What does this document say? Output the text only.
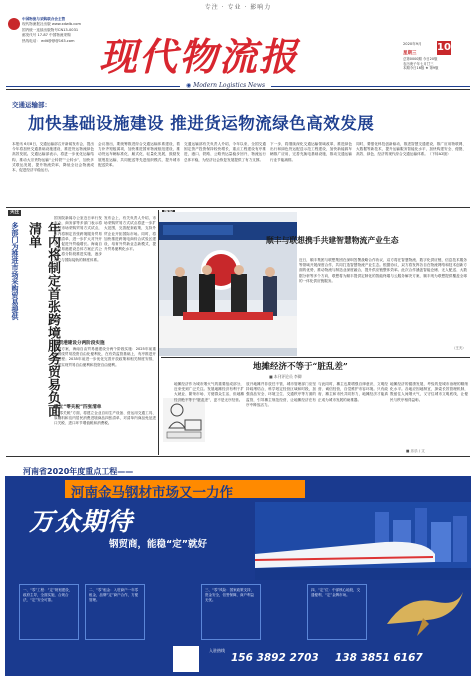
专注 · 专业 · 影响力
中国物流与采购联合会主管
现代物流报社出版 www.xdwlb.com
国内统一连续出版物号CN13-0031
邮发代号 17-87 中国物流采购
热线电话： edit@@@163.com 现代物流报	2020年9月	10
星期三
总第0000期 今日20版
农历庚子年七月廿三
本期今日16版 ★ 第9版
◉ Modern Logistics News
交通运输部：
加快基础设施建设 推进货运物流绿色高效发展
本报讯 6月8日，交通运输部召开新闻发布会，提出今年将加快交通基础设施建设，推进货运物流绿色高效发展。交通运输部表示，将进一步优化运输结构，推动大宗货物运输“公转铁”“公转水”，加快多式联运发展，提升物流效率，降低全社会物流成本，促进经济平稳运行。
会议指出，要统筹推进综合交通运输体系建设，着力补齐短板弱项，加快推进国家物流枢纽建设，推动货运车辆标准化、厢式化、轻量化发展，鼓励发展甩挂运输、共同配送等先进组织模式，提升城市配送效率。
交通运输部有关负责人介绍，今年以来，全国交通固定资产投资保持较快增长，重点工程建设有序推进，港口、铁路、公路货运量稳步回升，物流运行总体平稳，为经济社会恢复发展提供了有力支撑。
下一步，将继续深化交通运输领域改革，推进绿色出行和绿色货运配送示范工程建设，加快新能源车辆推广应用，完善充换电基础设施，推动交通运输行业节能减排。
同时，要强化科技创新驱动，推进智慧交通建设，推广应用物联网、大数据等新技术，提升运输服务智能化水平，加快构建安全、便捷、高效、绿色、经济的现代综合交通运输体系。（下转A2版）
关注
多部门为推进市场采购贸易提供	年内将制定首张跨境服务贸易负面清单
国务院新闻办公室近日举行发布会，商务部等多部门表示将推进市场采购贸易方式试点，年内将制定首张跨境服务贸易负面清单，进一步扩大对外开放，促进外贸稳增长。海南自由贸易港建设总体方案正式公布，将分阶段推进实施，逐步建立与国际接轨的制度体系。
发布会上，有关负责人介绍，市场采购贸易方式试点将进一步扩大范围，完善配套政策，支持外贸企业开拓国际市场。同时，将加快推进跨境电商综合试验区建设，培育外贸新业态新模式，提升贸易便利化水平。
自贸港建设分两阶段实施
根据方案，海南自由贸易港建设分两个阶段实施：2025年前重点围绕贸易投资自由化便利化，在有效监管基础上，有序推进开放进程；2035年前进一步优化完善开放政策和相关制度安排，全面实现贸易自由便利和投资自由便利。
建立“零关税”四张清单
在“零关税”方面，将建立企业自用生产设备、营运用交通工具、原辅料和岛内居民消费进境商品四张清单，对清单内商品免征进口关税、进口环节增值税和消费税。
顺丰与联想携手共建智慧物流产业生态
近日，顺丰集团与联想集团在深圳签署战略合作协议，双方将在智慧物流、数字化供应链、信息技术服务等领域开展深度合作，共同打造智慧物流产业生态。根据协议，双方将发挥各自在物流网络和技术创新方面的优势，推动物流与制造业深度融合，提升供应链整体效率。此次合作涵盖智能仓储、无人配送、大数据分析等多个方向，联想将为顺丰提供定制化的智能终端与云服务解决方案，顺丰则为联想提供覆盖全球的一体化供应链服务。
（王天）
地摊经济不等于“脏乱差”
■ 本刊评论员 李卿
地摊经济作为城市烟火气的重要组成部分，近来受到广泛关注。发展地摊经济有利于扩大就业、繁荣市场、方便群众生活，但地摊经济绝不等于“脏乱差”，更不是无序经营。
放开地摊并非放任不管，城市管理部门应坚持疏堵结合，科学划定经营区域和时段，加强食品安全、环境卫生、交通秩序等方面的监管，引导摊主规范经营，让地摊经济在有序中释放活力。
与此同时，摊主也要增强自律意识，文明经营、诚信经营，自觉维护市容环境。只有政府、摊主和市民共同努力，地摊经济才能真正成为城市发展的助推器。
地摊经济的健康发展，考验的是城市治理的精细化水平。各地应因地制宜，探索长效管理机制，既留住人间烟火气，又守住城市文明底线，让便民与秩序相得益彰。
■ 乐乐 / 文
河南省2020年度重点工程——
河南金马钢材市场又一力作
万众期待
钢贸商，能稳“定”就好
一、“零”工程：“定”规划建设，政府主导，全面实施，合规合法，“定”安全可靠。
二、“零”租金：入驻商户一年零租金，品牌“定”商户合作，方便管理。
三、“零”风险：国家政策支持，资金安全，信誉保障，商户利益无忧。
四、“定”位：中部核心地段，交通便利，“定”金牌市场。
入驻热线
156 3892 2703 138 3851 6167
